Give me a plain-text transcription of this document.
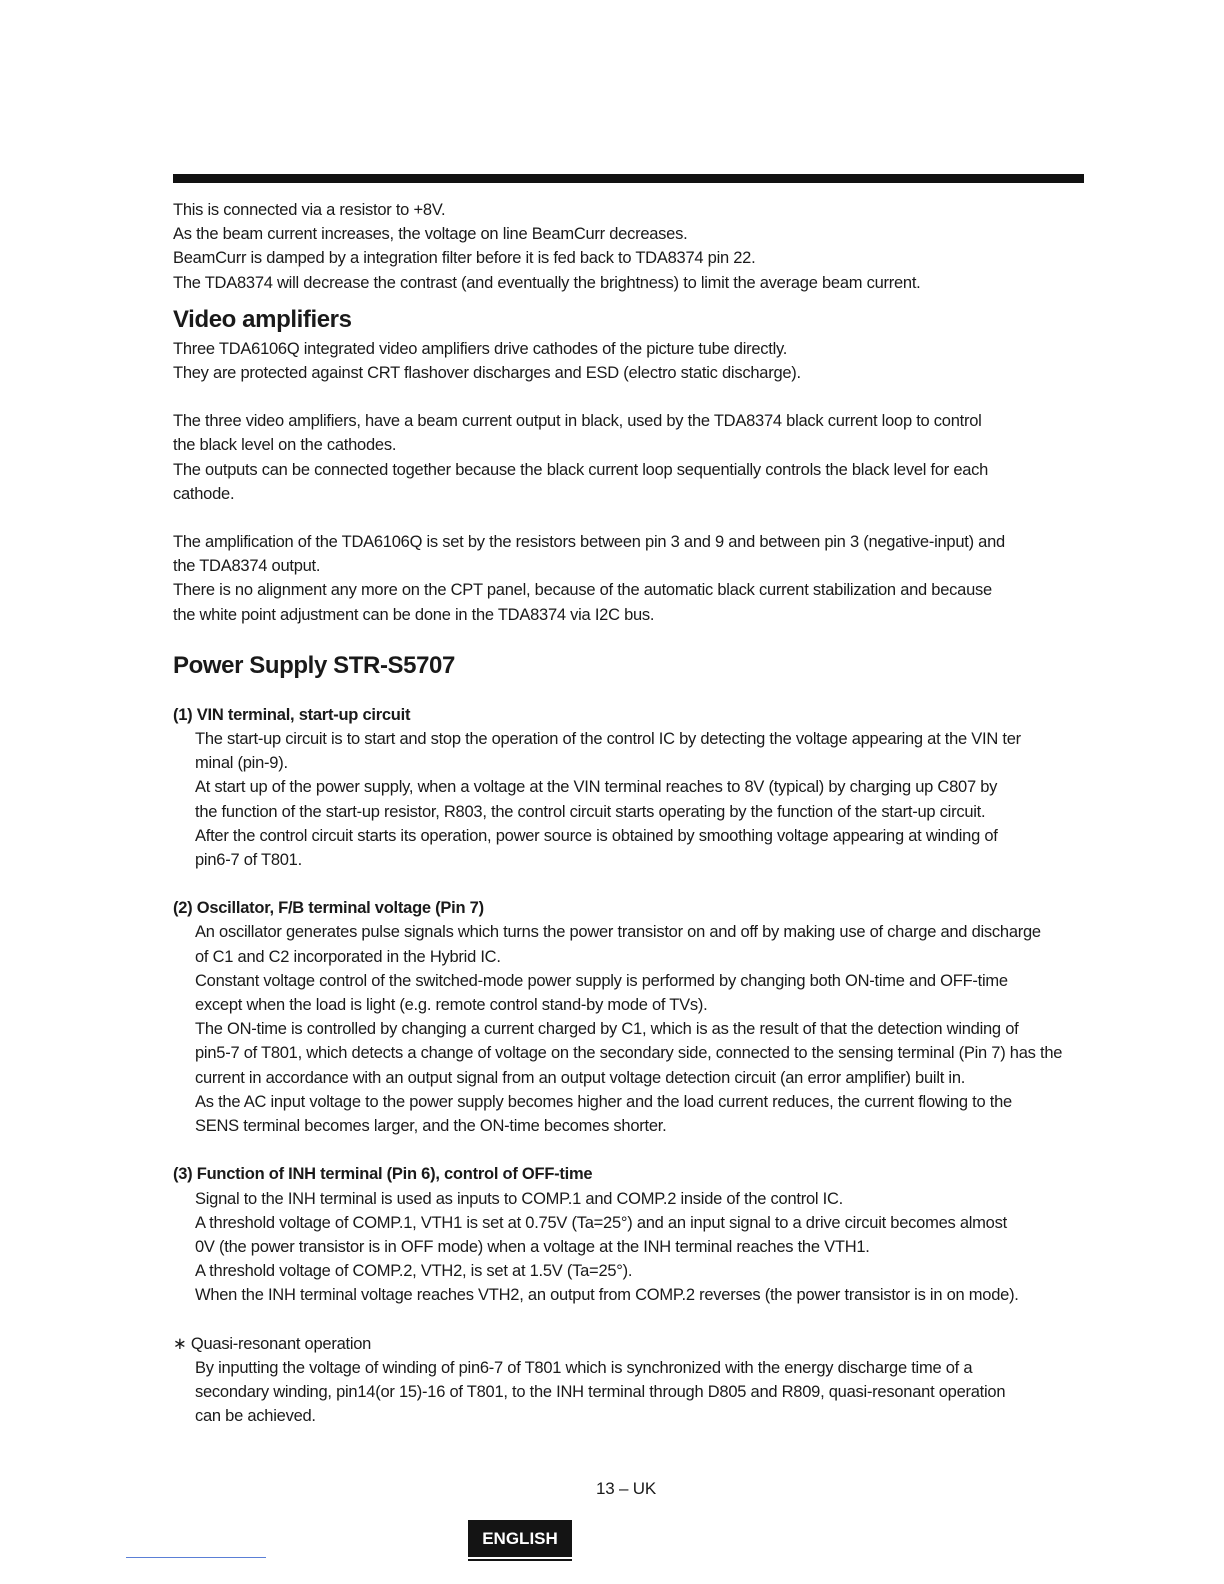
This is connected via a resistor to +8V.

As the beam current increases, the voltage on line BeamCurr decreases.

BeamCurr is damped by a integration filter before it is fed back to TDA8374 pin 22.

The TDA8374 will decrease the contrast (and eventually the brightness) to limit the average beam current.

Video amplifiers

Three TDA6106Q integrated video amplifiers drive cathodes of the picture tube directly.

They are protected against CRT flashover discharges and ESD (electro static discharge).

The three video amplifiers, have a beam current output in black, used by the TDA8374 black current loop to control

the black level on the cathodes.

The outputs can be connected together because the black current loop sequentially controls the black level for each

cathode.

The amplification of the TDA6106Q is set by the resistors between pin 3 and 9 and between pin 3 (negative-input) and

the TDA8374 output.

There is no alignment any more on the CPT panel, because of the automatic black current stabilization and because

the white point adjustment can be done in the TDA8374 via I2C bus.

Power Supply STR-S5707

(1) VIN terminal, start-up circuit

The start-up circuit is to start and stop the operation of the control IC by detecting the voltage appearing at the VIN ter

minal (pin-9).

At start up of the power supply, when a voltage at the VIN terminal reaches to 8V (typical) by charging up C807 by

the function of the start-up resistor, R803, the control circuit starts operating by the function of the start-up circuit.

After the control circuit starts its operation, power source is obtained by smoothing voltage appearing at winding of

pin6-7 of T801.

(2) Oscillator, F/B terminal voltage (Pin 7)

An oscillator generates pulse signals which turns the power transistor on and off by making use of charge and discharge

of C1 and C2 incorporated in the Hybrid IC.

Constant voltage control of the switched-mode power supply is performed by changing both ON-time and OFF-time

except when the load is light (e.g. remote control stand-by mode of TVs).

The ON-time is controlled by changing a current charged by C1, which is as the result of that the detection winding of

pin5-7 of T801, which detects a change of voltage on the secondary side, connected to the sensing terminal (Pin 7) has the

current in accordance with an output signal from an output voltage detection circuit (an error amplifier) built in.

As the AC input voltage to the power supply becomes higher and the load current reduces, the current flowing to the

SENS terminal becomes larger, and the ON-time becomes shorter.

(3) Function of INH terminal (Pin 6), control of OFF-time

Signal to the INH terminal is used as inputs to COMP.1 and COMP.2 inside of the control IC.

A threshold voltage of COMP.1, VTH1 is set at 0.75V (Ta=25°) and an input signal to a drive circuit becomes almost

0V (the power transistor is in OFF mode) when a voltage at the INH terminal reaches the VTH1.

A threshold voltage of COMP.2, VTH2, is set at 1.5V (Ta=25°).

When the INH terminal voltage reaches VTH2, an output from COMP.2 reverses (the power transistor is in on mode).

∗ Quasi-resonant operation

By inputting the voltage of winding of pin6-7 of T801 which is synchronized with the energy discharge time of a

secondary winding, pin14(or 15)-16 of T801, to the INH terminal through D805 and R809, quasi-resonant operation

can be achieved.

13 – UK
ENGLISH
